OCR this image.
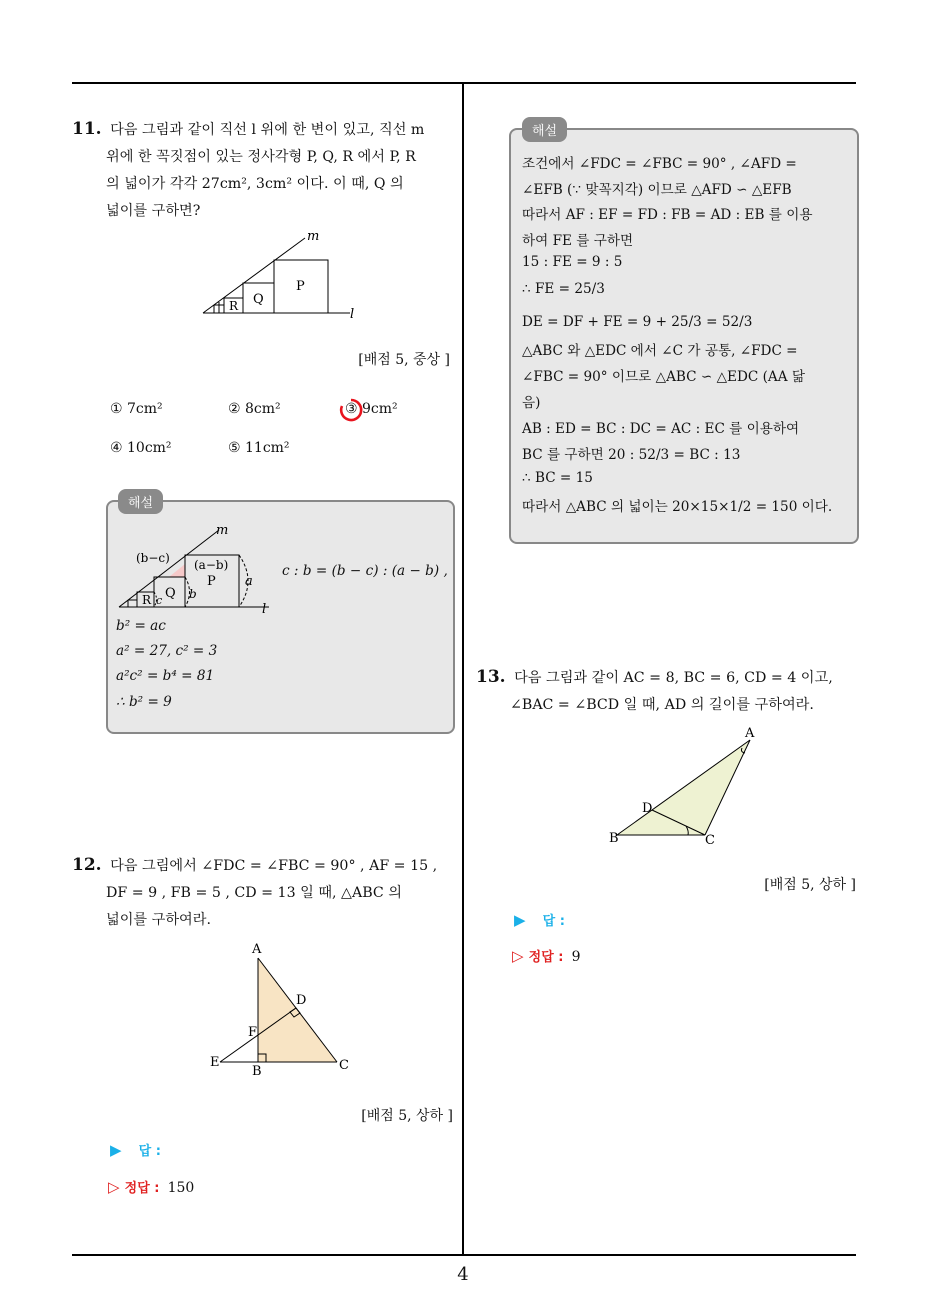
11. 다음 그림과 같이 직선 l 위에 한 변이 있고, 직선 m
위에 한 꼭짓점이 있는 정사각형 P, Q, R 에서 P, R
의 넓이가 각각 27cm², 3cm² 이다. 이 때, Q 의
넓이를 구하면?
m
l
P
Q
R
[배점 5, 중상 ]
① 7cm²	② 8cm²	③ 9cm²
④ 10cm²	⑤ 11cm²
해설
(b−c) (a−b)
P
Q
R
a
b
c
m
l
c : b = (b − c) : (a − b) ,
b² = ac
a² = 27, c² = 3
a²c² = b⁴ = 81
∴ b² = 9
12. 다음 그림에서 ∠FDC = ∠FBC = 90° , AF = 15 ,
DF = 9 , FB = 5 , CD = 13 일 때, △ABC 의
넓이를 구하여라.
A
B	C
D
E
F
[배점 5, 상하 ]
▶ 답 :
▷ 정답 : 150
해설
조건에서 ∠FDC = ∠FBC = 90° , ∠AFD =
∠EFB (∵ 맞꼭지각) 이므로 △AFD ∽ △EFB
따라서 AF : EF = FD : FB = AD : EB 를 이용
하여 FE 를 구하면
15 : FE = 9 : 5
∴ FE = 25/3
DE = DF + FE = 9 + 25/3 = 52/3
△ABC 와 △EDC 에서 ∠C 가 공통, ∠FDC =
∠FBC = 90° 이므로 △ABC ∽ △EDC (AA 닮
음)
AB : ED = BC : DC = AC : EC 를 이용하여
BC 를 구하면 20 : 52/3 = BC : 13
∴ BC = 15
따라서 △ABC 의 넓이는 20×15×1/2 = 150 이다.
13. 다음 그림과 같이 AC = 8, BC = 6, CD = 4 이고,
∠BAC = ∠BCD 일 때, AD 의 길이를 구하여라.
A
B	C
D
[배점 5, 상하 ]
▶ 답 :
▷ 정답 : 9
4
